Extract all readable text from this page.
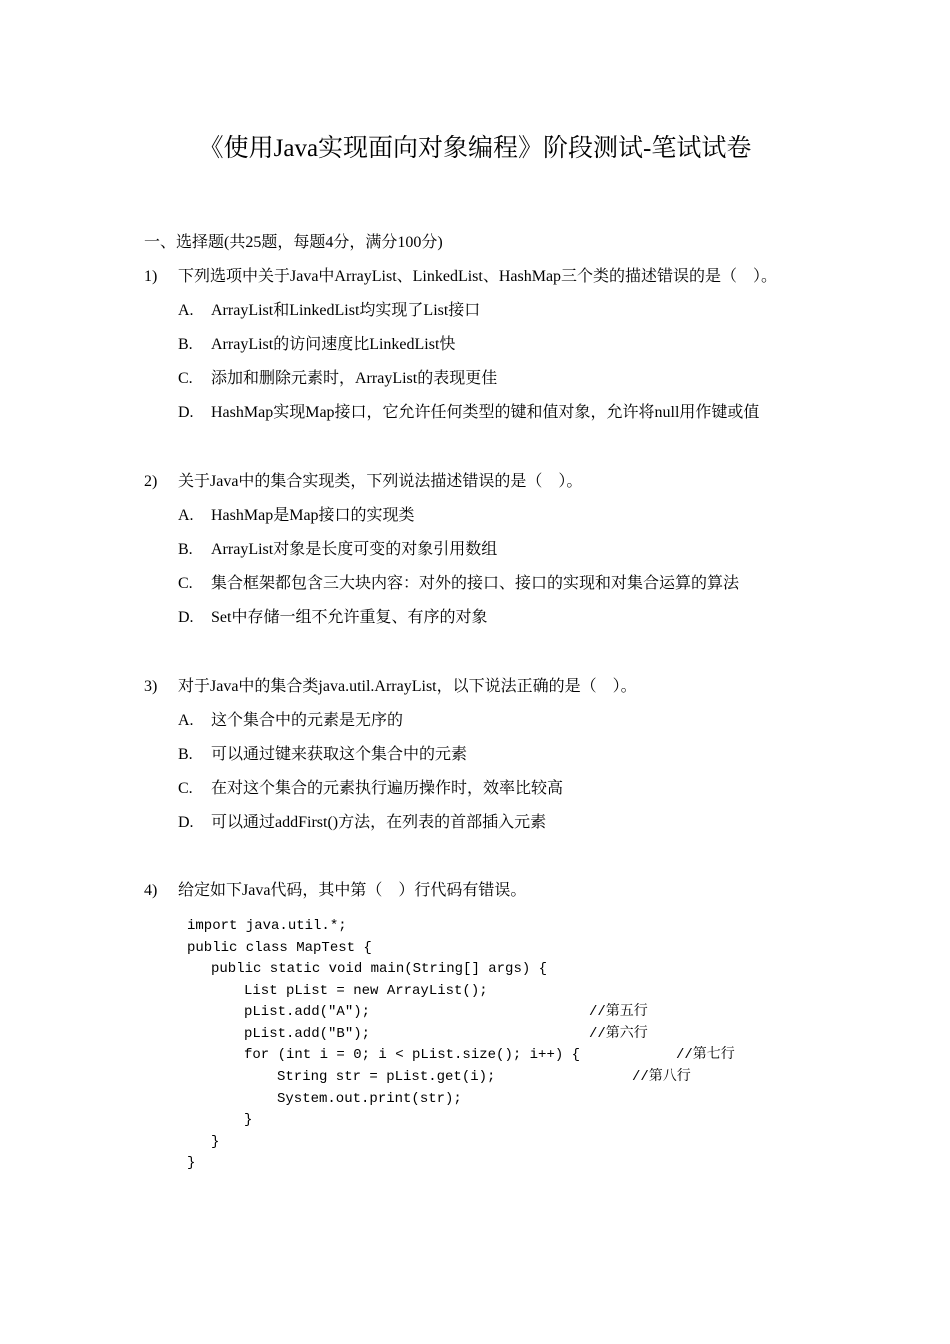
《使用Java实现面向对象编程》阶段测试-笔试试卷
一、选择题(共25题，每题4分，满分100分)
1) 下列选项中关于Java中ArrayList、LinkedList、HashMap三个类的描述错误的是（　）。
A. ArrayList和LinkedList均实现了List接口
B. ArrayList的访问速度比LinkedList快
C. 添加和删除元素时，ArrayList的表现更佳
D. HashMap实现Map接口，它允许任何类型的键和值对象，允许将null用作键或值
2) 关于Java中的集合实现类，下列说法描述错误的是（　）。
A. HashMap是Map接口的实现类
B. ArrayList对象是长度可变的对象引用数组
C. 集合框架都包含三大块内容：对外的接口、接口的实现和对集合运算的算法
D. Set中存储一组不允许重复、有序的对象
3) 对于Java中的集合类java.util.ArrayList，以下说法正确的是（　）。
A. 这个集合中的元素是无序的
B. 可以通过键来获取这个集合中的元素
C. 在对这个集合的元素执行遍历操作时，效率比较高
D. 可以通过addFirst()方法，在列表的首部插入元素
4) 给定如下Java代码，其中第（　）行代码有错误。
import java.util.*;
public class MapTest {
public static void main(String[] args) {
List pList = new ArrayList();
pList.add("A");	//第五行
pList.add("B");	//第六行
for (int i = 0; i < pList.size(); i++) {	//第七行
String str = pList.get(i);	//第八行
System.out.print(str);
}
}
}
